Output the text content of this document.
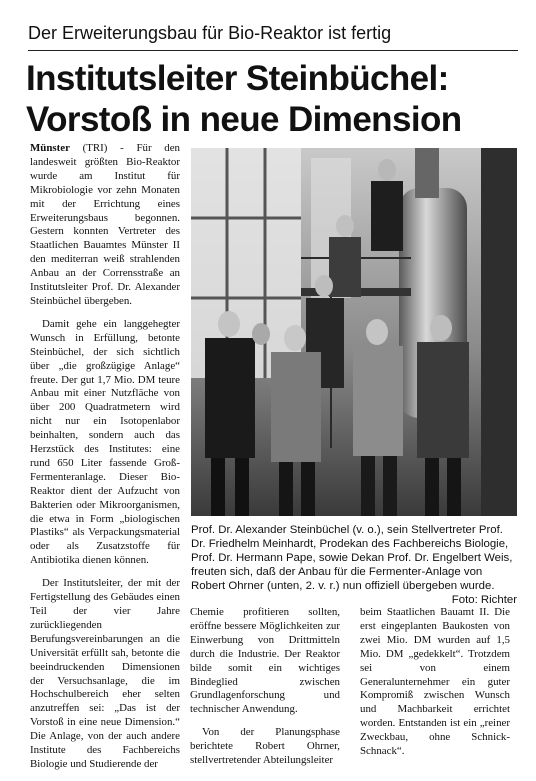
Der Erweiterungsbau für Bio-Reaktor ist fertig
Institutsleiter Steinbüchel:
Vorstoß in neue Dimension

Münster (TRI) - Für den landesweit größten Bio-Reaktor wurde am Institut für Mikrobiologie vor zehn Monaten mit der Errichtung eines Erweiterungsbaus begonnen. Gestern konnten Vertreter des Staatlichen Bauamtes Münster II den mediterran weiß strahlenden Anbau an der Corrensstraße an Institutsleiter Prof. Dr. Alexander Steinbüchel übergeben.

Damit gehe ein langgehegter Wunsch in Erfüllung, betonte Steinbüchel, der sich sichtlich über „die großzügige Anlage“ freute. Der gut 1,7 Mio. DM teure Anbau mit einer Nutzfläche von über 200 Quadratmetern wird nicht nur ein Isotopenlabor beinhalten, sondern auch das Herzstück des Institutes: eine rund 650 Liter fassende Groß-Fermenteranlage. Dieser Bio-Reaktor dient der Aufzucht von Bakterien oder Mikroorganismen, die etwa in Form „biologischen Plastiks“ als Verpackungsmaterial oder als Zusatzstoffe für Antibiotika dienen können.

Der Institutsleiter, der mit der Fertigstellung des Gebäudes einen Teil der vier Jahre zurückliegenden Berufungsvereinbarungen an die Universität erfüllt sah, betonte die beeindruckenden Dimensionen der Versuchsanlage, die im Hochschulbereich eher selten anzutreffen sei: „Das ist der Vorstoß in eine neue Dimension.“ Die Anlage, von der auch andere Institute des Fachbereichs Biologie und Studierende der

Prof. Dr. Alexander Steinbüchel (v. o.), sein Stellvertreter Prof. Dr. Friedhelm Meinhardt, Prodekan des Fachbereichs Biologie, Prof. Dr. Hermann Pape, sowie Dekan Prof. Dr. Engelbert Weis, freuten sich, daß der Anbau für die Fermenter-Anlage von Robert Ohrner (unten, 2. v. r.) nun offiziell übergeben wurde.
Foto: Richter

Chemie profitieren sollten, eröffne bessere Möglichkeiten zur Einwerbung von Drittmitteln durch die Industrie. Der Reaktor bilde somit ein wichtiges Bindeglied zwischen Grundlagenforschung und technischer Anwendung.

Von der Planungsphase berichtete Robert Ohrner, stellvertretender Abteilungsleiter

beim Staatlichen Bauamt II. Die erst eingeplanten Baukosten von zwei Mio. DM wurden auf 1,5 Mio. DM „gedekkelt“. Trotzdem sei von einem Generalunternehmer ein guter Kompromiß zwischen Wunsch und Machbarkeit errichtet worden. Entstanden ist ein „reiner Zweckbau, ohne Schnick-Schnack“.
